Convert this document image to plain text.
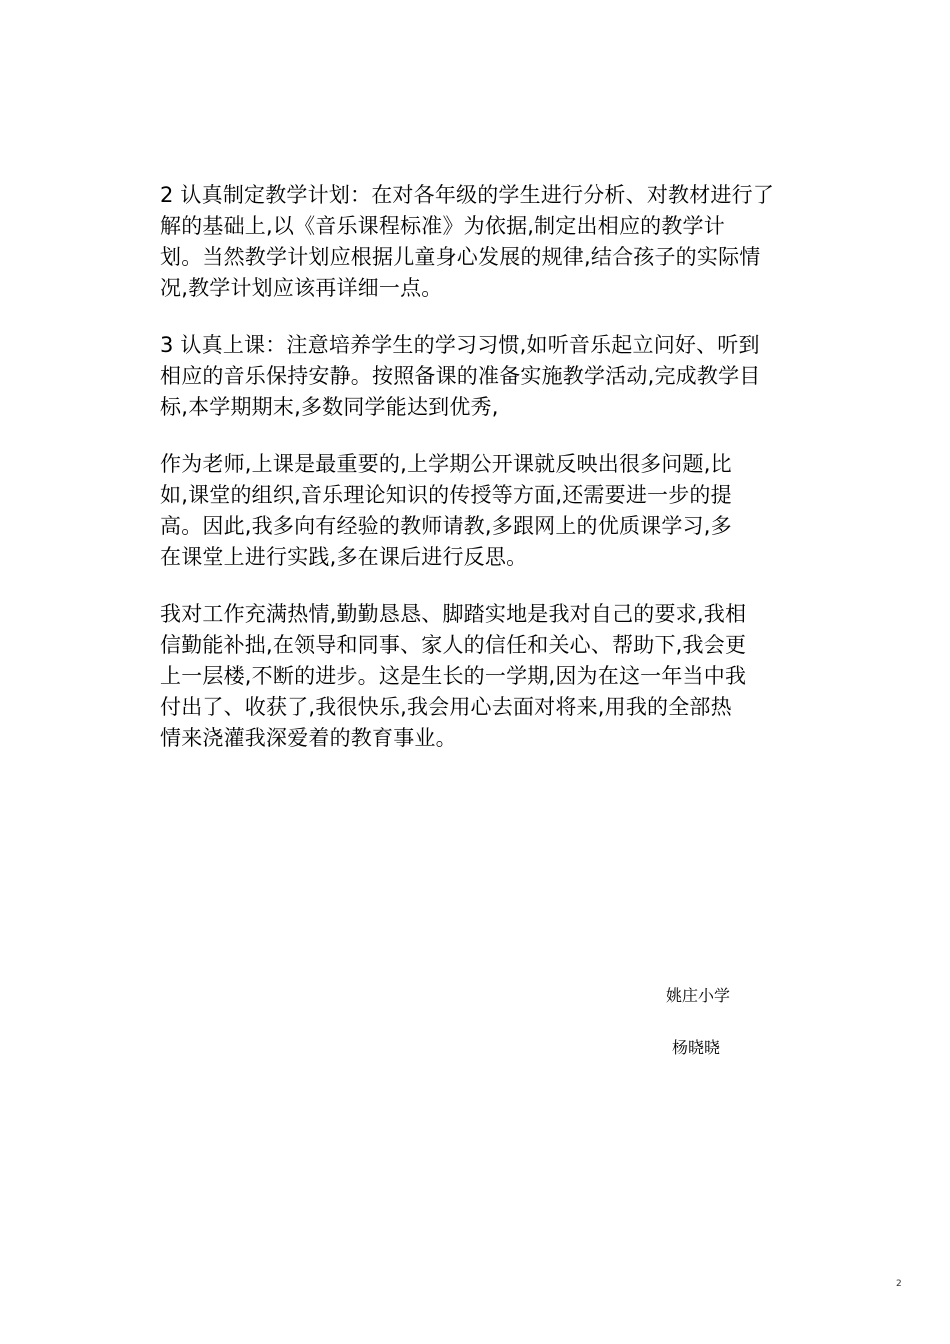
2 认真制定教学计划：在对各年级的学生进行分析、对教材进行了
解的基础上,以《音乐课程标准》为依据,制定出相应的教学计
划。当然教学计划应根据儿童身心发展的规律,结合孩子的实际情
况,教学计划应该再详细一点。

3 认真上课：注意培养学生的学习习惯,如听音乐起立问好、听到
相应的音乐保持安静。按照备课的准备实施教学活动,完成教学目
标,本学期期末,多数同学能达到优秀,

作为老师,上课是最重要的,上学期公开课就反映出很多问题,比
如,课堂的组织,音乐理论知识的传授等方面,还需要进一步的提
高。因此,我多向有经验的教师请教,多跟网上的优质课学习,多
在课堂上进行实践,多在课后进行反思。

我对工作充满热情,勤勤恳恳、脚踏实地是我对自己的要求,我相
信勤能补拙,在领导和同事、家人的信任和关心、帮助下,我会更
上一层楼,不断的进步。这是生长的一学期,因为在这一年当中我
付出了、收获了,我很快乐,我会用心去面对将来,用我的全部热
情来浇灌我深爱着的教育事业。

姚庄小学
杨晓晓
2
